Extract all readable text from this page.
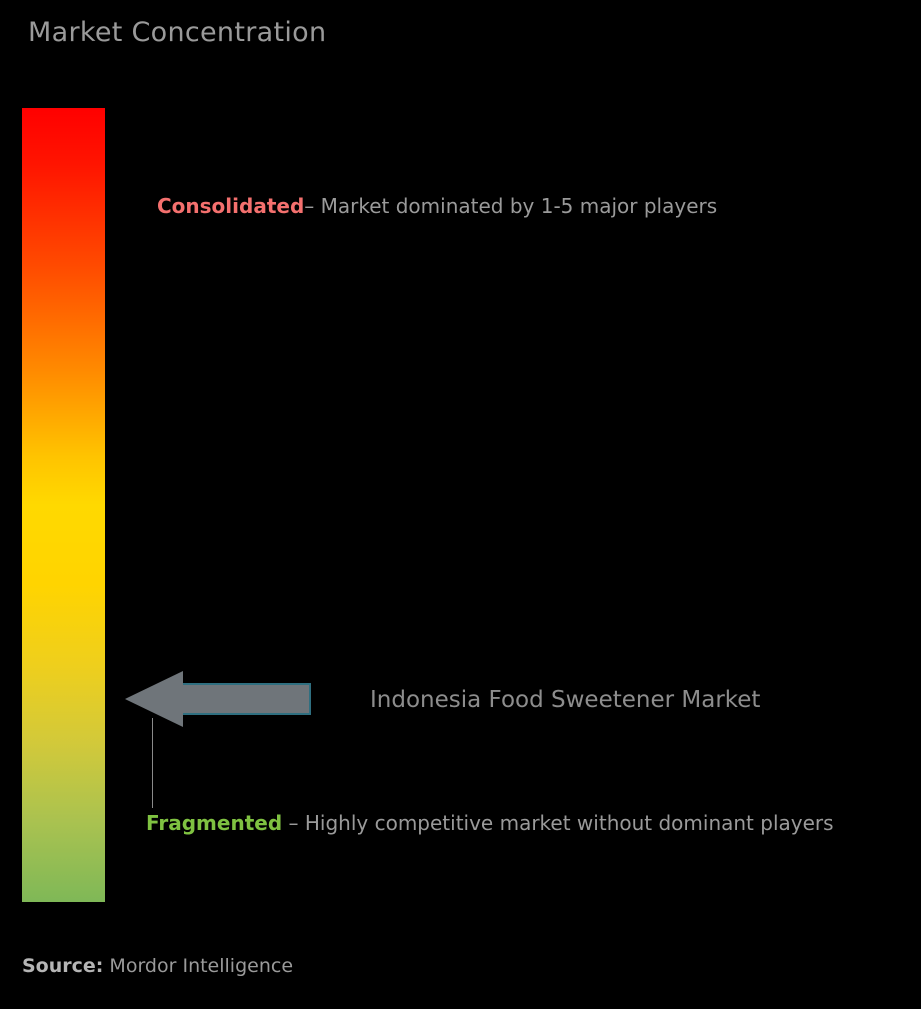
Market Concentration
Indonesia Food Sweetener Market
Consolidated– Market dominated by 1-5 major players
Fragmented – Highly competitive market without dominant players
Source: Mordor Intelligence
